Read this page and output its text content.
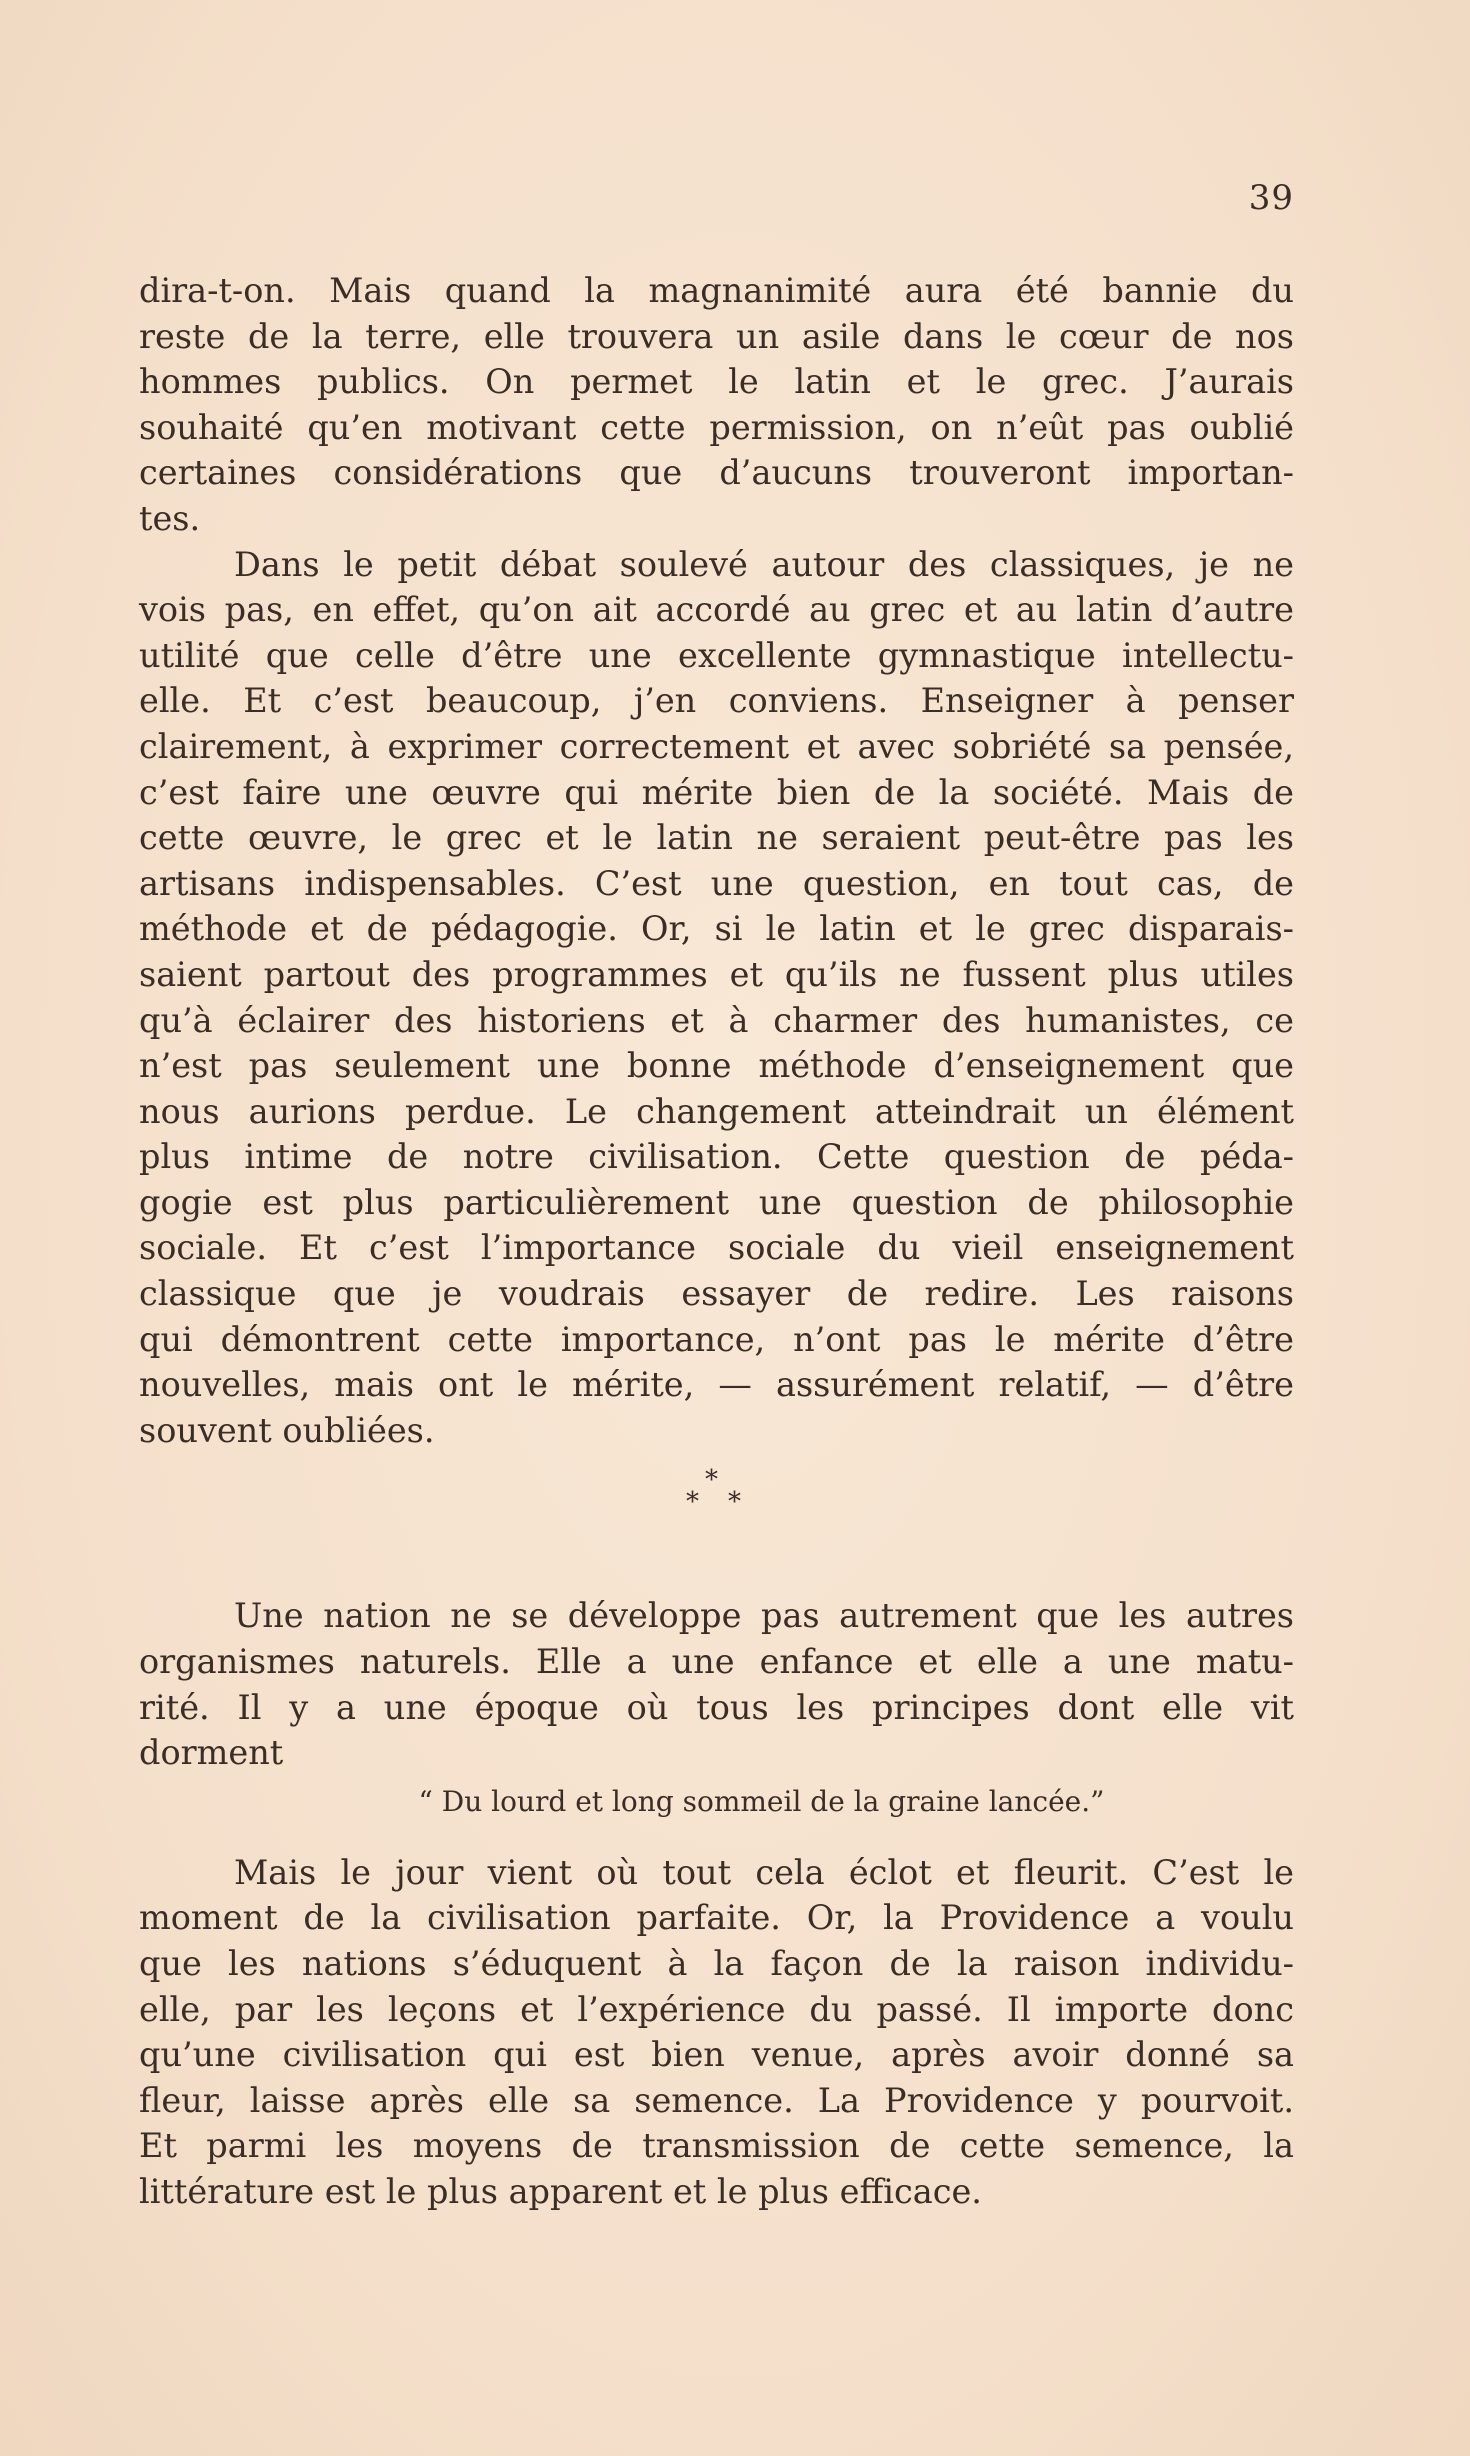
39
dira-t-on. Mais quand la magnanimité aura été bannie du
reste de la terre, elle trouvera un asile dans le cœur de nos
hommes publics. On permet le latin et le grec. J’aurais
souhaité qu’en motivant cette permission, on n’eût pas oublié
certaines considérations que d’aucuns trouveront importan-
tes.
Dans le petit débat soulevé autour des classiques, je ne
vois pas, en effet, qu’on ait accordé au grec et au latin d’autre
utilité que celle d’être une excellente gymnastique intellectu-
elle. Et c’est beaucoup, j’en conviens. Enseigner à penser
clairement, à exprimer correctement et avec sobriété sa pensée,
c’est faire une œuvre qui mérite bien de la société. Mais de
cette œuvre, le grec et le latin ne seraient peut-être pas les
artisans indispensables. C’est une question, en tout cas, de
méthode et de pédagogie. Or, si le latin et le grec disparais-
saient partout des programmes et qu’ils ne fussent plus utiles
qu’à éclairer des historiens et à charmer des humanistes, ce
n’est pas seulement une bonne méthode d’enseignement que
nous aurions perdue. Le changement atteindrait un élément
plus intime de notre civilisation. Cette question de péda-
gogie est plus particulièrement une question de philosophie
sociale. Et c’est l’importance sociale du vieil enseignement
classique que je voudrais essayer de redire. Les raisons
qui démontrent cette importance, n’ont pas le mérite d’être
nouvelles, mais ont le mérite, — assurément relatif, — d’être
souvent oubliées.
*
* *
Une nation ne se développe pas autrement que les autres
organismes naturels. Elle a une enfance et elle a une matu-
rité. Il y a une époque où tous les principes dont elle vit
dorment
“ Du lourd et long sommeil de la graine lancée.”
Mais le jour vient où tout cela éclot et fleurit. C’est le
moment de la civilisation parfaite. Or, la Providence a voulu
que les nations s’éduquent à la façon de la raison individu-
elle, par les leçons et l’expérience du passé. Il importe donc
qu’une civilisation qui est bien venue, après avoir donné sa
fleur, laisse après elle sa semence. La Providence y pourvoit.
Et parmi les moyens de transmission de cette semence, la
littérature est le plus apparent et le plus efficace.
